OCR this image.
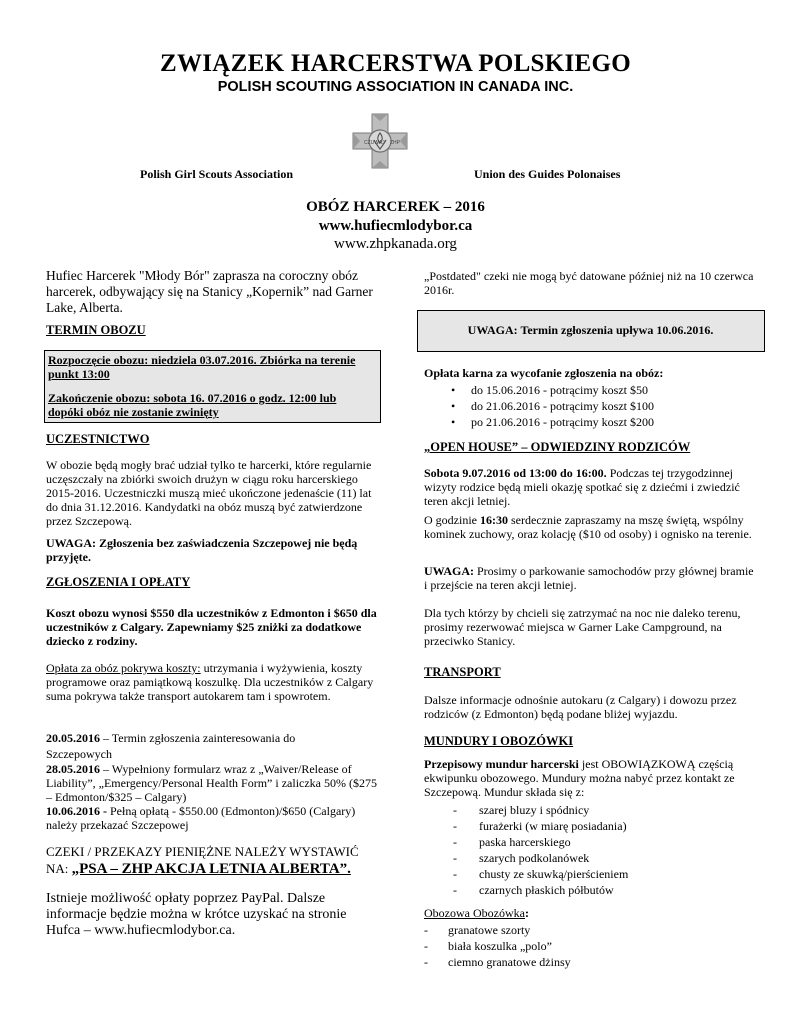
ZWIĄZEK HARCERSTWA POLSKIEGO
POLISH SCOUTING ASSOCIATION IN CANADA INC.
CZUWAJ ZHP
Polish Girl Scouts Association	Union des Guides Polonaises
OBÓZ HARCEREK – 2016
www.hufiecmlodybor.ca
www.zhpkanada.org
Hufiec Harcerek "Młody Bór" zaprasza na coroczny obóz harcerek, odbywający się na Stanicy „Kopernik” nad Garner Lake, Alberta.
TERMIN OBOZU
Rozpoczęcie obozu: niedziela 03.07.2016. Zbiórka na terenie punkt 13:00
Zakończenie obozu: sobota 16. 07.2016 o godz. 12:00 lub dopóki obóz nie zostanie zwinięty
UCZESTNICTWO
W obozie będą mogły brać udział tylko te harcerki, które regularnie uczęszczały na zbiórki swoich drużyn w ciągu roku harcerskiego 2015-2016. Uczestniczki muszą mieć ukończone jedenaście (11) lat do dnia 31.12.2016. Kandydatki na obóz muszą być zatwierdzone przez Szczepową.
UWAGA: Zgłoszenia bez zaświadczenia Szczepowej nie będą przyjęte.
ZGŁOSZENIA I OPŁATY
Koszt obozu wynosi $550 dla uczestników z Edmonton i $650 dla uczestników z Calgary. Zapewniamy $25 zniżki za dodatkowe dziecko z rodziny.
Opłata za obóz pokrywa koszty: utrzymania i wyżywienia, koszty programowe oraz pamiątkową koszulkę. Dla uczestników z Calgary suma pokrywa także transport autokarem tam i spowrotem.
20.05.2016 – Termin zgłoszenia zainteresowania do Szczepowych
28.05.2016 – Wypełniony formularz wraz z „Waiver/Release of Liability”, „Emergency/Personal Health Form” i zaliczka 50% ($275 – Edmonton/$325 – Calgary)
10.06.2016 - Pełną opłatą - $550.00 (Edmonton)/$650 (Calgary) należy przekazać Szczepowej
CZEKI / PRZEKAZY PIENIĘŻNE NALEŻY WYSTAWIĆ
NA: „PSA – ZHP AKCJA LETNIA ALBERTA”.
Istnieje możliwość opłaty poprzez PayPal. Dalsze informacje będzie można w krótce uzyskać na stronie Hufca – www.hufiecmlodybor.ca.
„Postdated" czeki nie mogą być datowane później niż na 10 czerwca 2016r.
UWAGA: Termin zgłoszenia upływa 10.06.2016.
Opłata karna za wycofanie zgłoszenia na obóz:
• do 15.06.2016 - potrącimy koszt $50
• do 21.06.2016 - potrącimy koszt $100
• po 21.06.2016 - potrącimy koszt $200
„OPEN HOUSE” – ODWIEDZINY RODZICÓW
Sobota 9.07.2016 od 13:00 do 16:00. Podczas tej trzygodzinnej wizyty rodzice będą mieli okazję spotkać się z dziećmi i zwiedzić teren akcji letniej.
O godzinie 16:30 serdecznie zapraszamy na mszę świętą, wspólny kominek zuchowy, oraz kolację ($10 od osoby) i ognisko na terenie.
UWAGA: Prosimy o parkowanie samochodów przy głównej bramie i przejście na teren akcji letniej.
Dla tych którzy by chcieli się zatrzymać na noc nie daleko terenu, prosimy rezerwować miejsca w Garner Lake Campground, na przeciwko Stanicy.
TRANSPORT
Dalsze informacje odnośnie autokaru (z Calgary) i dowozu przez rodziców (z Edmonton) będą podane bliżej wyjazdu.
MUNDURY I OBOZÓWKI
Przepisowy mundur harcerski jest OBOWIĄZKOWĄ częścią ekwipunku obozowego. Mundury można nabyć przez kontakt ze Szczepową. Mundur składa się z:
- szarej bluzy i spódnicy
- furażerki (w miarę posiadania)
- paska harcerskiego
- szarych podkolanówek
- chusty ze skuwką/pierścieniem
- czarnych płaskich półbutów
Obozowa Obozówka:
- granatowe szorty
- biała koszulka „polo”
- ciemno granatowe dżinsy
